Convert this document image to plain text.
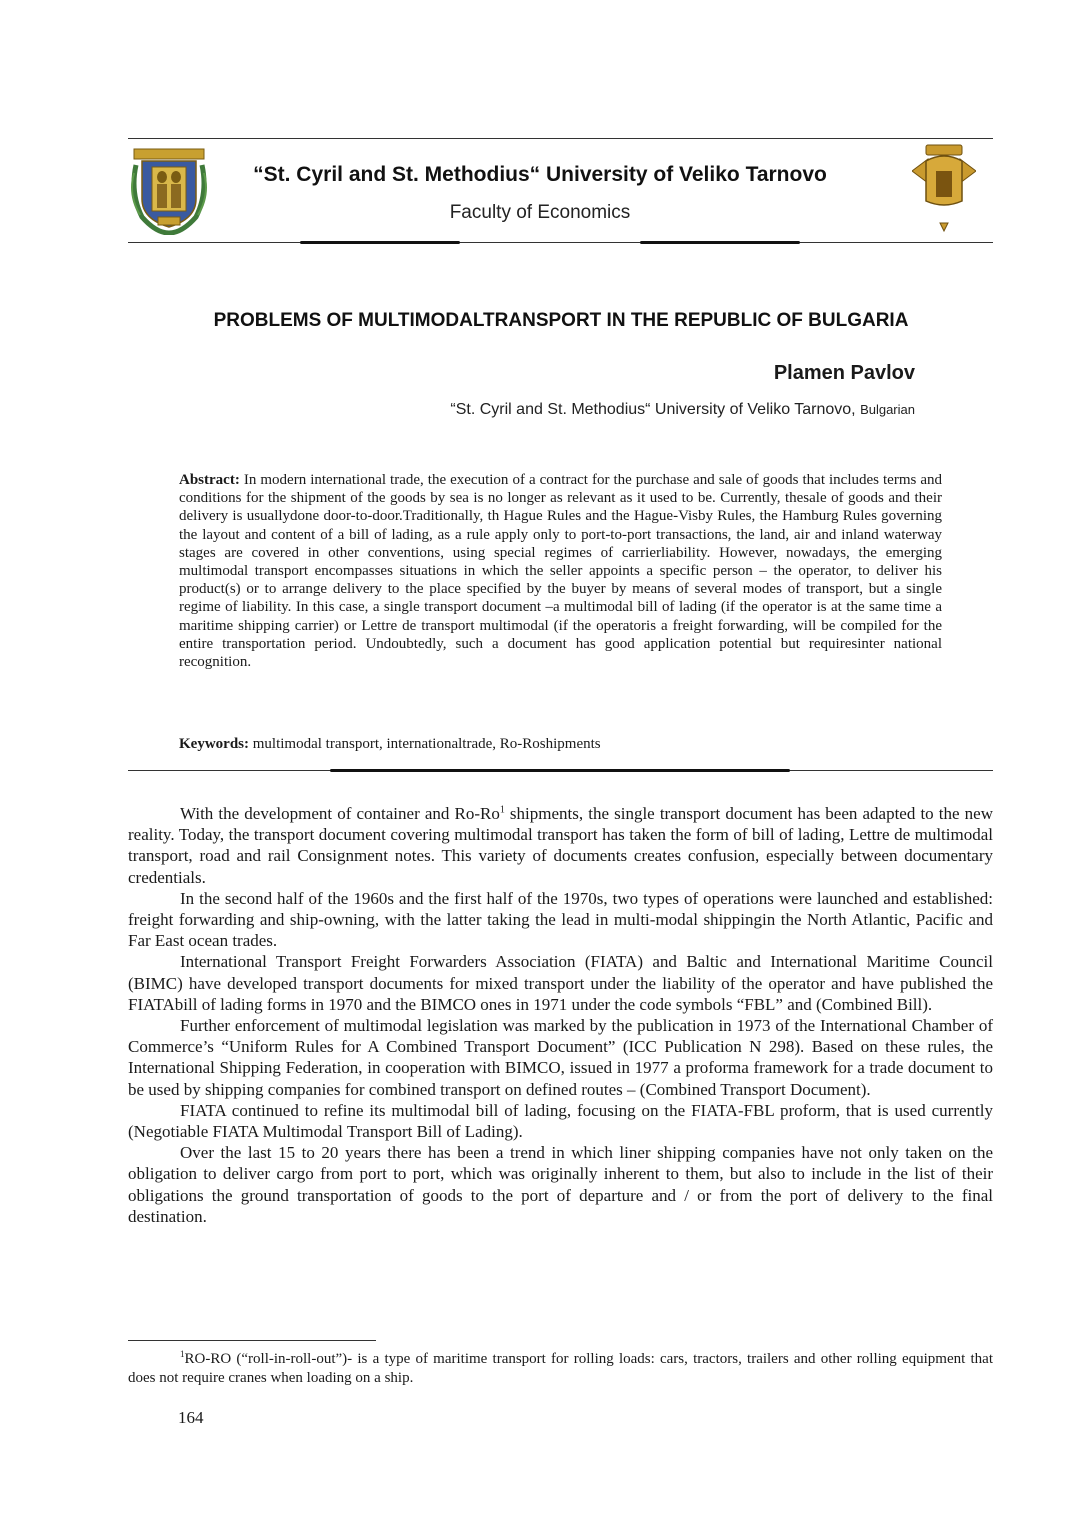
“St. Cyril and St. Methodius“ University of Veliko Tarnovo
Faculty of Economics
PROBLEMS OF MULTIMODALTRANSPORT IN THE REPUBLIC OF BULGARIA
Plamen Pavlov
“St. Cyril and St. Methodius“ University of Veliko Tarnovo, Bulgarian

Abstract: In modern international trade, the execution of a contract for the purchase and sale of goods that includes terms and conditions for the shipment of the goods by sea is no longer as relevant as it used to be. Currently, thesale of goods and their delivery is usuallydone door-to-door.Traditionally, th Hague Rules and the Hague-Visby Rules, the Hamburg Rules governing the layout and content of a bill of lading, as a rule apply only to port-to-port transactions, the land, air and inland waterway stages are covered in other conventions, using special regimes of carrierliability. However, nowadays, the emerging multimodal transport encompasses situations in which the seller appoints a specific person – the operator, to deliver his product(s) or to arrange delivery to the place specified by the buyer by means of several modes of transport, but a single regime of liability. In this case, a single transport document –a multimodal bill of lading (if the operator is at the same time a maritime shipping carrier) or Lettre de transport multimodal (if the operatoris a freight forwarding, will be compiled for the entire transportation period. Undoubtedly, such a document has good application potential but requiresinter national recognition.

Keywords: multimodal transport, internationaltrade, Ro-Roshipments

With the development of container and Ro-Ro$^1$ shipments, the single transport document has been adapted to the new reality. Today, the transport document covering multimodal transport has taken the form of bill of lading, Lettre de multimodal transport, road and rail Consignment notes. This variety of documents creates confusion, especially between documentary credentials.

In the second half of the 1960s and the first half of the 1970s, two types of operations were launched and established: freight forwarding and ship-owning, with the latter taking the lead in multi-modal shippingin the North Atlantic, Pacific and Far East ocean trades.

International Transport Freight Forwarders Association (FIATA) and Baltic and International Maritime Council (BIMC) have developed transport documents for mixed transport under the liability of the operator and have published the FIATAbill of lading forms in 1970 and the BIMCO ones in 1971 under the code symbols “FBL” and (Combined Bill).

Further enforcement of multimodal legislation was marked by the publication in 1973 of the International Chamber of Commerce’s “Uniform Rules for A Combined Transport Document” (ICC Publication N 298). Based on these rules, the International Shipping Federation, in cooperation with BIMCO, issued in 1977 a proforma framework for a trade document to be used by shipping companies for combined transport on defined routes – (Combined Transport Document).

FIATA continued to refine its multimodal bill of lading, focusing on the FIATA-FBL proform, that is used currently (Negotiable FIATA Multimodal Transport Bill of Lading).

Over the last 15 to 20 years there has been a trend in which liner shipping companies have not only taken on the obligation to deliver cargo from port to port, which was originally inherent to them, but also to include in the list of their obligations the ground transportation of goods to the port of departure and / or from the port of delivery to the final destination.

$^1$RO-RO (“roll-in-roll-out”)- is a type of maritime transport for rolling loads: cars, tractors, trailers and other rolling equipment that does not require cranes when loading on a ship.

164
